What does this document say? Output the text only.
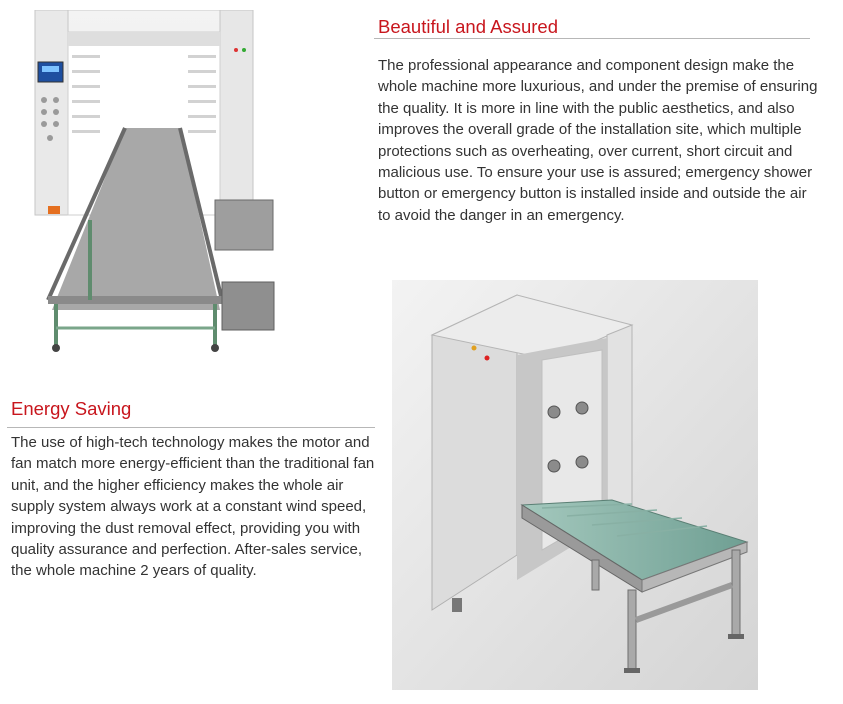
Beautiful and Assured

The professional appearance and component design make the whole machine more luxurious, and under the premise of ensuring the quality. It is more in line with the public aesthetics, and also improves the overall grade of the installation site, which multiple protections such as overheating, over current, short circuit and malicious use. To ensure your use is assured; emergency shower button or emergency button is installed inside and outside the air to avoid the danger in an emergency.

Energy Saving

The use of high-tech technology makes the motor and fan match more energy-efficient than the traditional fan unit, and the higher efficiency makes the whole air supply system always work at a constant wind speed, improving the dust removal effect, providing you with quality assurance and perfection. After-sales service, the whole machine 2 years of quality.
